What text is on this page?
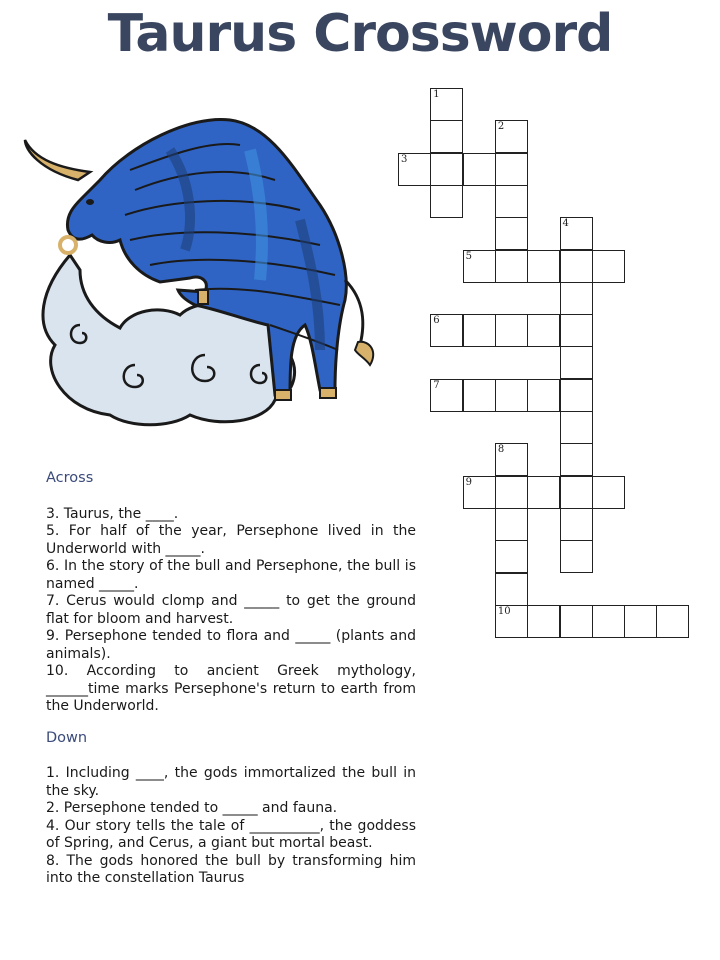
Taurus Crossword
Across

3. Taurus, the ____.

5. For half of the year, Persephone lived in the Underworld with _____.

6. In the story of the bull and Persephone, the bull is named _____.

7. Cerus would clomp and _____ to get the ground flat for bloom and harvest.

9. Persephone tended to flora and _____ (plants and animals).

10. According to ancient Greek mythology, ______time marks Persephone's return to earth from the Underworld.

Down

1. Including ____, the gods immortalized the bull in the sky.

2. Persephone tended to _____ and fauna.

4. Our story tells the tale of __________, the goddess of Spring, and Cerus, a giant but mortal beast.

8. The gods honored the bull by transforming him into the constellation Taurus

1
2
3
4
5
6
7
8
9
10
